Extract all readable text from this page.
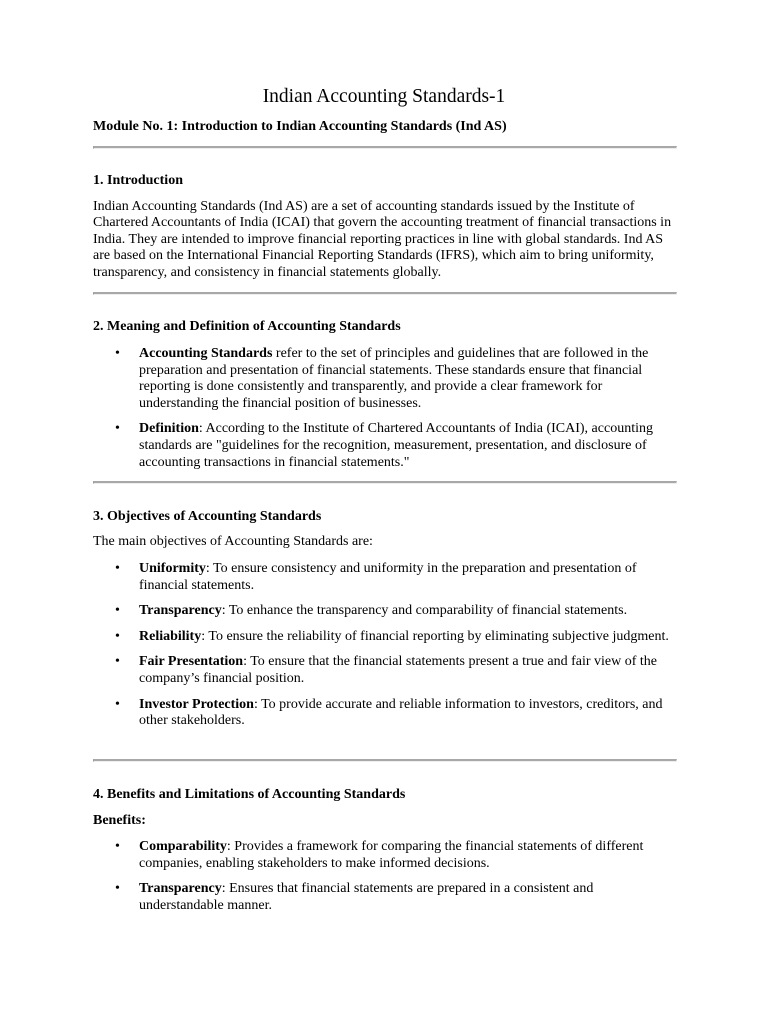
Indian Accounting Standards-1

Module No. 1: Introduction to Indian Accounting Standards (Ind AS)

1. Introduction

Indian Accounting Standards (Ind AS) are a set of accounting standards issued by the Institute of Chartered Accountants of India (ICAI) that govern the accounting treatment of financial transactions in India. They are intended to improve financial reporting practices in line with global standards. Ind AS are based on the International Financial Reporting Standards (IFRS), which aim to bring uniformity, transparency, and consistency in financial statements globally.

2. Meaning and Definition of Accounting Standards

• Accounting Standards refer to the set of principles and guidelines that are followed in the preparation and presentation of financial statements. These standards ensure that financial reporting is done consistently and transparently, and provide a clear framework for understanding the financial position of businesses.
• Definition: According to the Institute of Chartered Accountants of India (ICAI), accounting standards are "guidelines for the recognition, measurement, presentation, and disclosure of accounting transactions in financial statements."

3. Objectives of Accounting Standards

The main objectives of Accounting Standards are:

• Uniformity: To ensure consistency and uniformity in the preparation and presentation of financial statements.
• Transparency: To enhance the transparency and comparability of financial statements.
• Reliability: To ensure the reliability of financial reporting by eliminating subjective judgment.
• Fair Presentation: To ensure that the financial statements present a true and fair view of the company’s financial position.
• Investor Protection: To provide accurate and reliable information to investors, creditors, and other stakeholders.

4. Benefits and Limitations of Accounting Standards

Benefits:

• Comparability: Provides a framework for comparing the financial statements of different companies, enabling stakeholders to make informed decisions.
• Transparency: Ensures that financial statements are prepared in a consistent and understandable manner.
